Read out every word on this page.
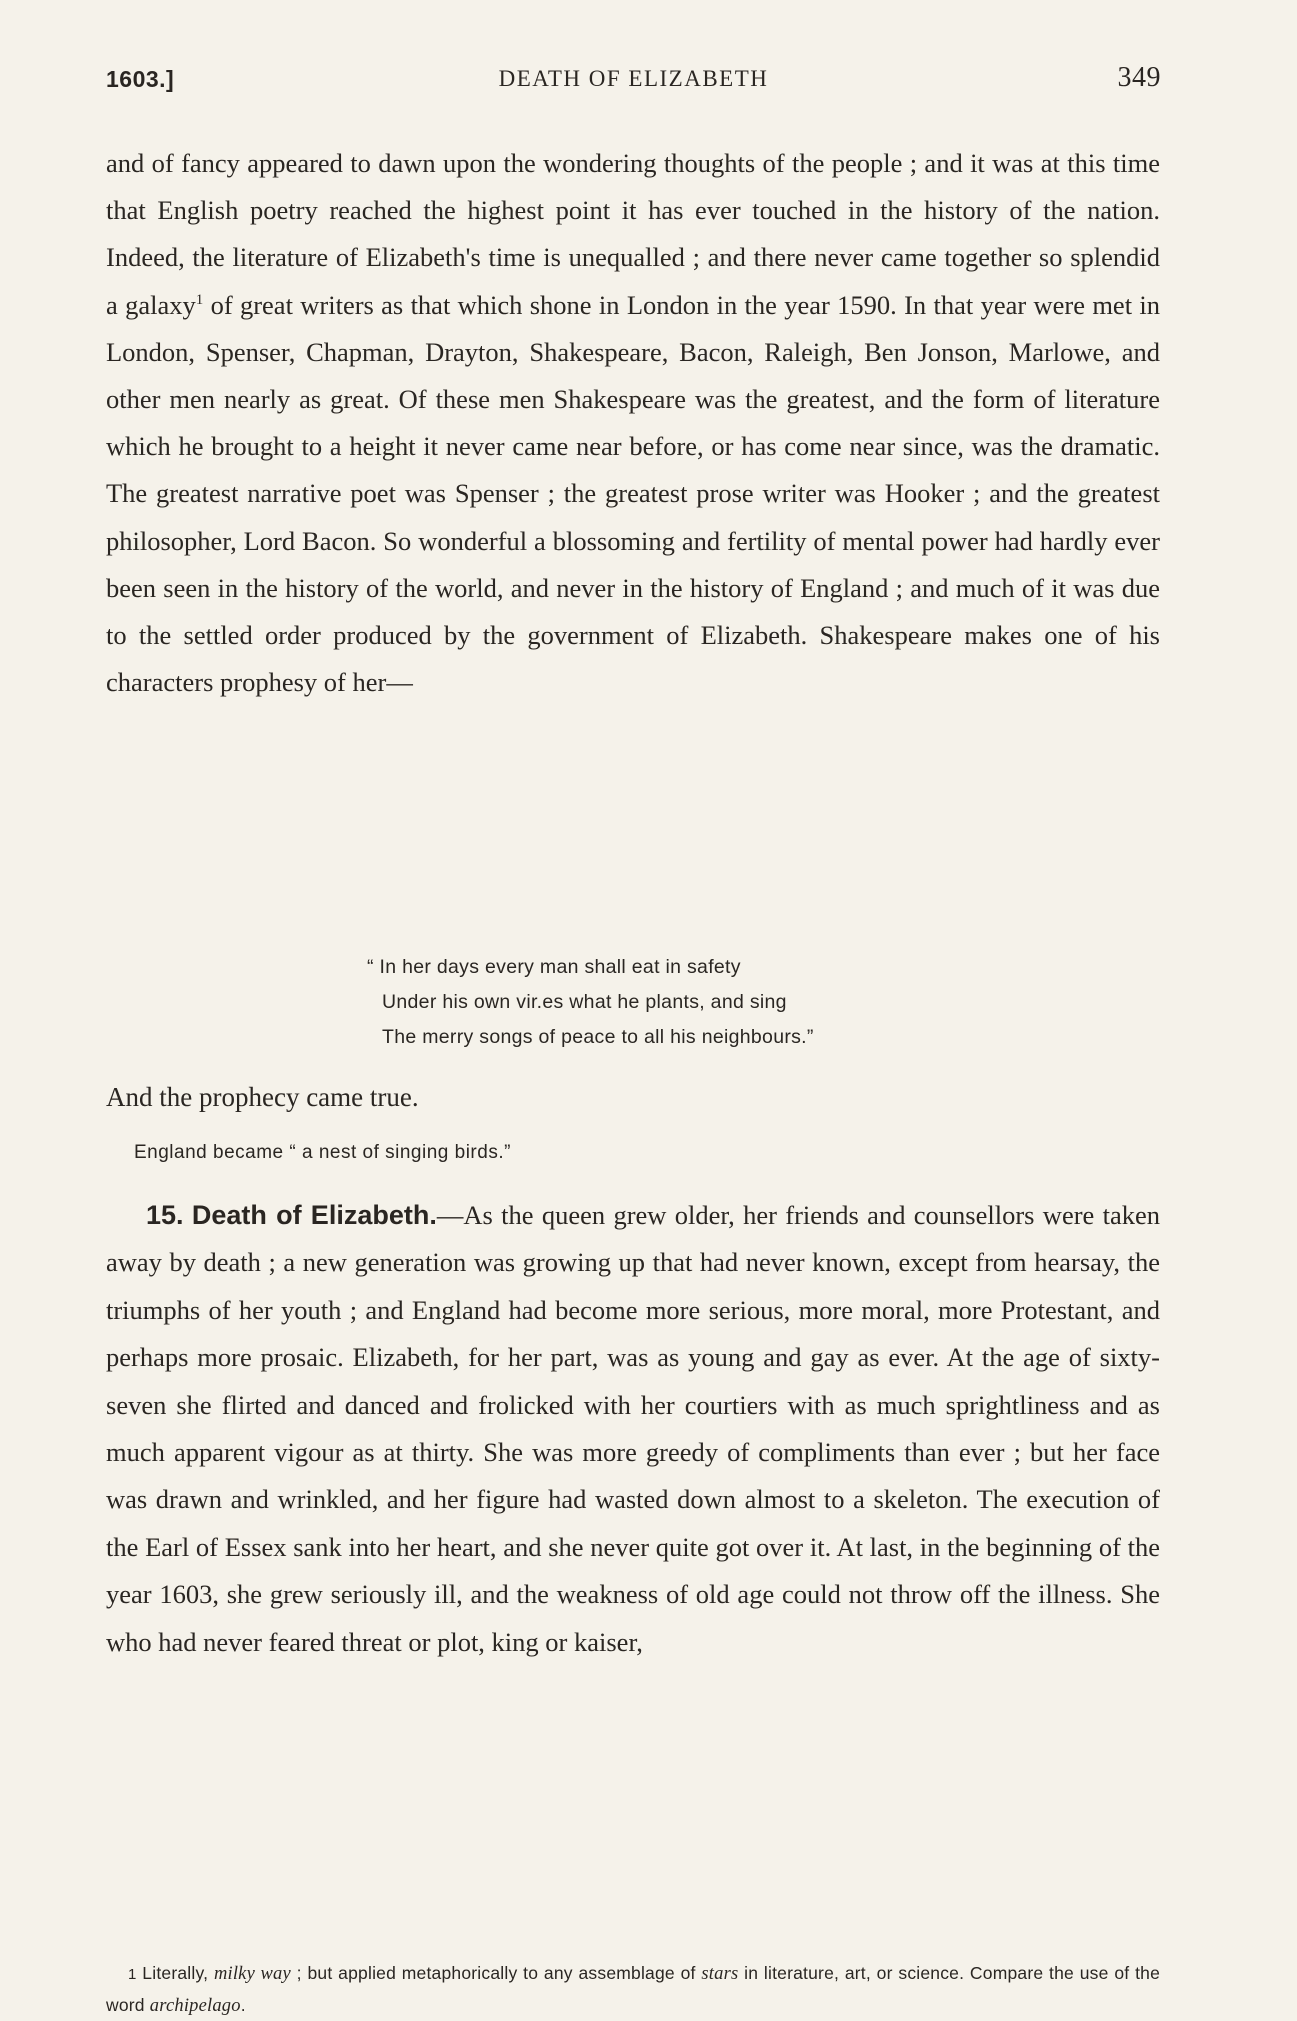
1603.]	DEATH OF ELIZABETH	349

and of fancy appeared to dawn upon the wondering thoughts of the people ; and it was at this time that English poetry reached the highest point it has ever touched in the history of the nation. Indeed, the literature of Elizabeth's time is unequalled ; and there never came together so splendid a galaxy$^1$ of great writers as that which shone in London in the year 1590. In that year were met in London, Spenser, Chapman, Drayton, Shakespeare, Bacon, Raleigh, Ben Jonson, Marlowe, and other men nearly as great. Of these men Shakespeare was the greatest, and the form of literature which he brought to a height it never came near before, or has come near since, was the dramatic. The greatest narrative poet was Spenser ; the greatest prose writer was Hooker ; and the greatest philosopher, Lord Bacon. So wonderful a blossoming and fertility of mental power had hardly ever been seen in the history of the world, and never in the history of England ; and much of it was due to the settled order produced by the government of Elizabeth. Shakespeare makes one of his characters prophesy of her—

“ In her days every man shall eat in safety
Under his own vir.es what he plants, and sing
The merry songs of peace to all his neighbours.”
And the prophecy came true.
England became “ a nest of singing birds.”
15. Death of Elizabeth.—As the queen grew older, her friends and counsellors were taken away by death ; a new generation was growing up that had never known, except from hearsay, the triumphs of her youth ; and England had become more serious, more moral, more Protestant, and perhaps more prosaic. Elizabeth, for her part, was as young and gay as ever. At the age of sixty-seven she flirted and danced and frolicked with her courtiers with as much sprightliness and as much apparent vigour as at thirty. She was more greedy of compliments than ever ; but her face was drawn and wrinkled, and her figure had wasted down almost to a skeleton. The execution of the Earl of Essex sank into her heart, and she never quite got over it. At last, in the beginning of the year 1603, she grew seriously ill, and the weakness of old age could not throw off the illness. She who had never feared threat or plot, king or kaiser,
1 Literally, milky way ; but applied metaphorically to any assemblage of stars in literature, art, or science. Compare the use of the word archipelago.
